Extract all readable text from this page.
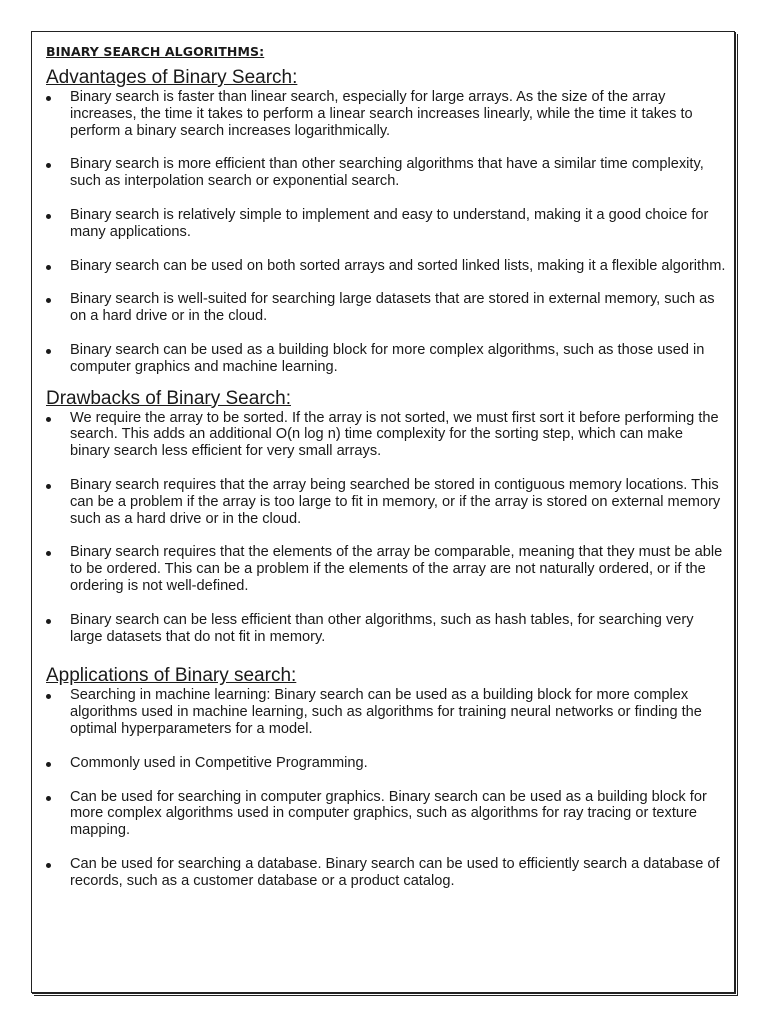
BINARY SEARCH ALGORITHMS:
Advantages of Binary Search:
Binary search is faster than linear search, especially for large arrays. As the size of the array increases, the time it takes to perform a linear search increases linearly, while the time it takes to perform a binary search increases logarithmically.
Binary search is more efficient than other searching algorithms that have a similar time complexity, such as interpolation search or exponential search.
Binary search is relatively simple to implement and easy to understand, making it a good choice for many applications.
Binary search can be used on both sorted arrays and sorted linked lists, making it a flexible algorithm.
Binary search is well-suited for searching large datasets that are stored in external memory, such as on a hard drive or in the cloud.
Binary search can be used as a building block for more complex algorithms, such as those used in computer graphics and machine learning.
Drawbacks of Binary Search:
We require the array to be sorted. If the array is not sorted, we must first sort it before performing the search. This adds an additional O(n log n) time complexity for the sorting step, which can make binary search less efficient for very small arrays.
Binary search requires that the array being searched be stored in contiguous memory locations. This can be a problem if the array is too large to fit in memory, or if the array is stored on external memory such as a hard drive or in the cloud.
Binary search requires that the elements of the array be comparable, meaning that they must be able to be ordered. This can be a problem if the elements of the array are not naturally ordered, or if the ordering is not well-defined.
Binary search can be less efficient than other algorithms, such as hash tables, for searching very large datasets that do not fit in memory.
Applications of Binary search:
Searching in machine learning: Binary search can be used as a building block for more complex algorithms used in machine learning, such as algorithms for training neural networks or finding the optimal hyperparameters for a model.
Commonly used in Competitive Programming.
Can be used for searching in computer graphics. Binary search can be used as a building block for more complex algorithms used in computer graphics, such as algorithms for ray tracing or texture mapping.
Can be used for searching a database. Binary search can be used to efficiently search a database of records, such as a customer database or a product catalog.
